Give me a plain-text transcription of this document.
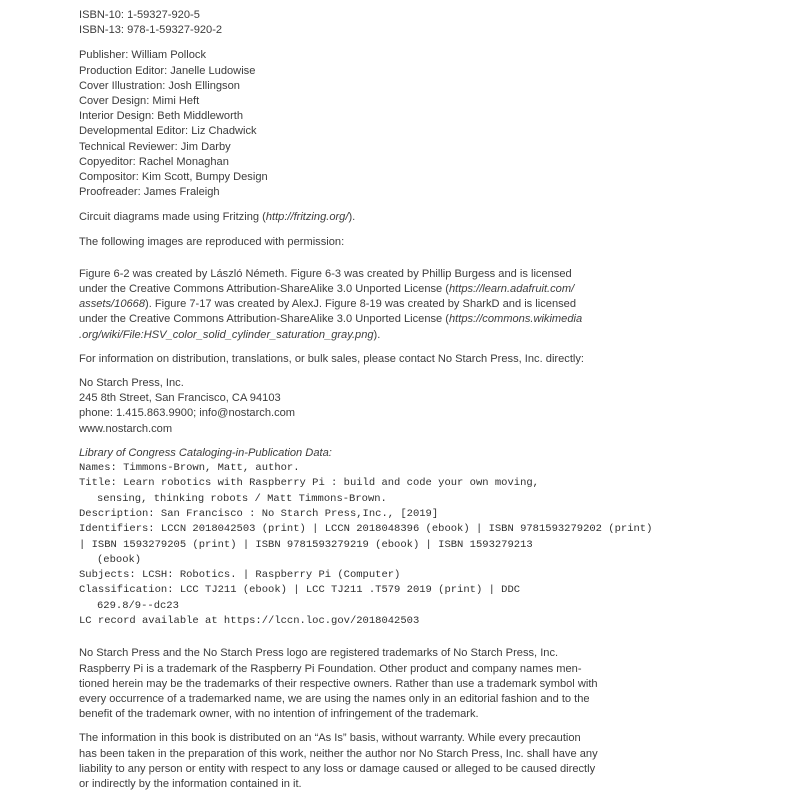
ISBN-10: 1-59327-920-5
ISBN-13: 978-1-59327-920-2
Publisher: William Pollock
Production Editor: Janelle Ludowise
Cover Illustration: Josh Ellingson
Cover Design: Mimi Heft
Interior Design: Beth Middleworth
Developmental Editor: Liz Chadwick
Technical Reviewer: Jim Darby
Copyeditor: Rachel Monaghan
Compositor: Kim Scott, Bumpy Design
Proofreader: James Fraleigh
Circuit diagrams made using Fritzing (http://fritzing.org/).
The following images are reproduced with permission:
Figure 6-2 was created by László Németh. Figure 6-3 was created by Phillip Burgess and is licensed
under the Creative Commons Attribution-ShareAlike 3.0 Unported License (https://learn.adafruit.com/
assets/10668). Figure 7-17 was created by AlexJ. Figure 8-19 was created by SharkD and is licensed
under the Creative Commons Attribution-ShareAlike 3.0 Unported License (https://commons.wikimedia
.org/wiki/File:HSV_color_solid_cylinder_saturation_gray.png).
For information on distribution, translations, or bulk sales, please contact No Starch Press, Inc. directly:
No Starch Press, Inc.
245 8th Street, San Francisco, CA 94103
phone: 1.415.863.9900; info@nostarch.com
www.nostarch.com
Library of Congress Cataloging-in-Publication Data:
Names: Timmons-Brown, Matt, author.
Title: Learn robotics with Raspberry Pi : build and code your own moving,
sensing, thinking robots / Matt Timmons-Brown.
Description: San Francisco : No Starch Press,Inc., [2019]
Identifiers: LCCN 2018042503 (print) | LCCN 2018048396 (ebook) | ISBN 9781593279202 (print)
| ISBN 1593279205 (print) | ISBN 9781593279219 (ebook) | ISBN 1593279213
(ebook)
Subjects: LCSH: Robotics. | Raspberry Pi (Computer)
Classification: LCC TJ211 (ebook) | LCC TJ211 .T579 2019 (print) | DDC
629.8/9--dc23
LC record available at https://lccn.loc.gov/2018042503
No Starch Press and the No Starch Press logo are registered trademarks of No Starch Press, Inc.
Raspberry Pi is a trademark of the Raspberry Pi Foundation. Other product and company names men-
tioned herein may be the trademarks of their respective owners. Rather than use a trademark symbol with
every occurrence of a trademarked name, we are using the names only in an editorial fashion and to the
benefit of the trademark owner, with no intention of infringement of the trademark.
The information in this book is distributed on an “As Is” basis, without warranty. While every precaution
has been taken in the preparation of this work, neither the author nor No Starch Press, Inc. shall have any
liability to any person or entity with respect to any loss or damage caused or alleged to be caused directly
or indirectly by the information contained in it.
